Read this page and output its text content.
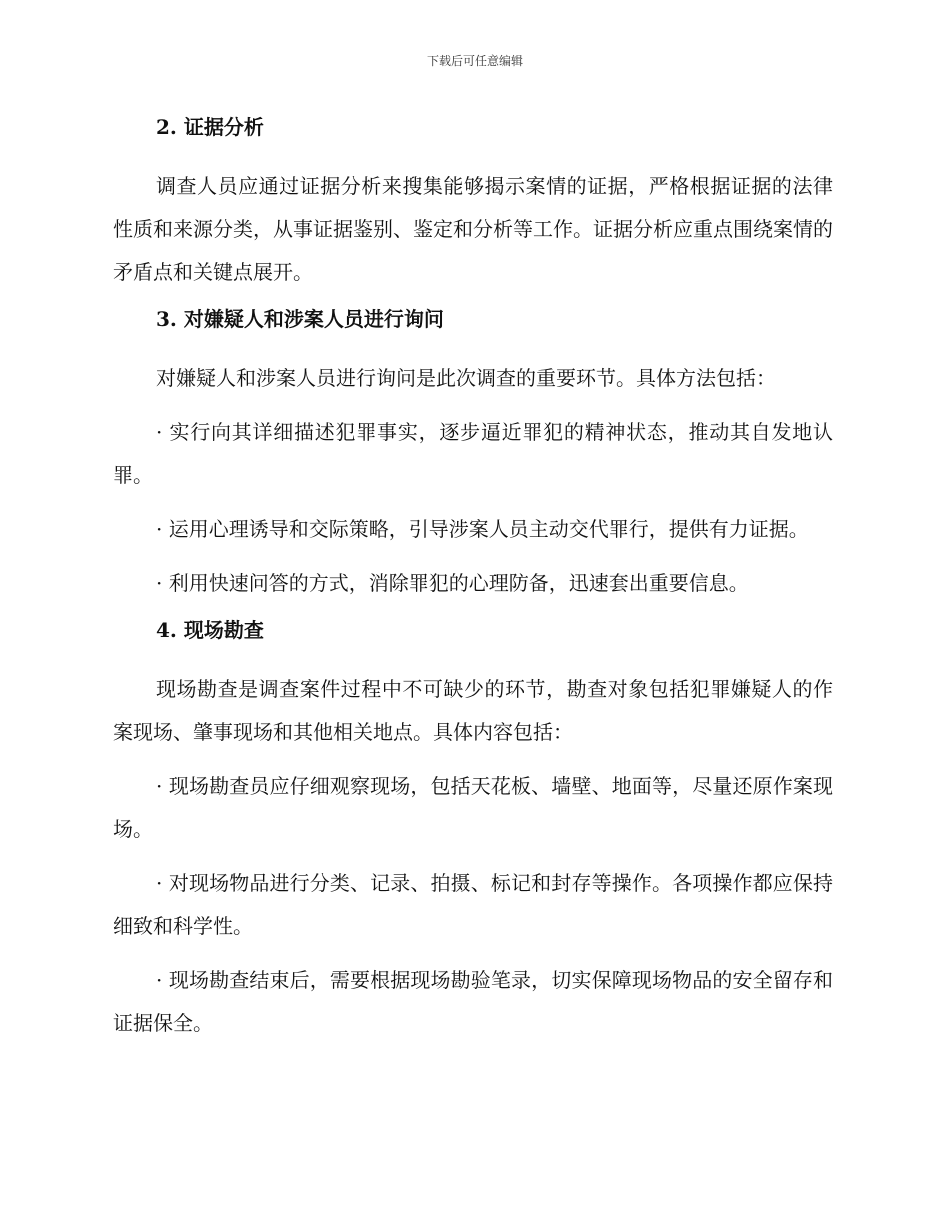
下载后可任意编辑
2. 证据分析

调查人员应通过证据分析来搜集能够揭示案情的证据，严格根据证据的法律性质和来源分类，从事证据鉴别、鉴定和分析等工作。证据分析应重点围绕案情的矛盾点和关键点展开。

3. 对嫌疑人和涉案人员进行询问

对嫌疑人和涉案人员进行询问是此次调查的重要环节。具体方法包括：

· 实行向其详细描述犯罪事实，逐步逼近罪犯的精神状态，推动其自发地认罪。

· 运用心理诱导和交际策略，引导涉案人员主动交代罪行，提供有力证据。

· 利用快速问答的方式，消除罪犯的心理防备，迅速套出重要信息。

4. 现场勘查

现场勘查是调查案件过程中不可缺少的环节，勘查对象包括犯罪嫌疑人的作案现场、肇事现场和其他相关地点。具体内容包括：

· 现场勘查员应仔细观察现场，包括天花板、墙壁、地面等，尽量还原作案现场。

· 对现场物品进行分类、记录、拍摄、标记和封存等操作。各项操作都应保持细致和科学性。

· 现场勘查结束后，需要根据现场勘验笔录，切实保障现场物品的安全留存和证据保全。
